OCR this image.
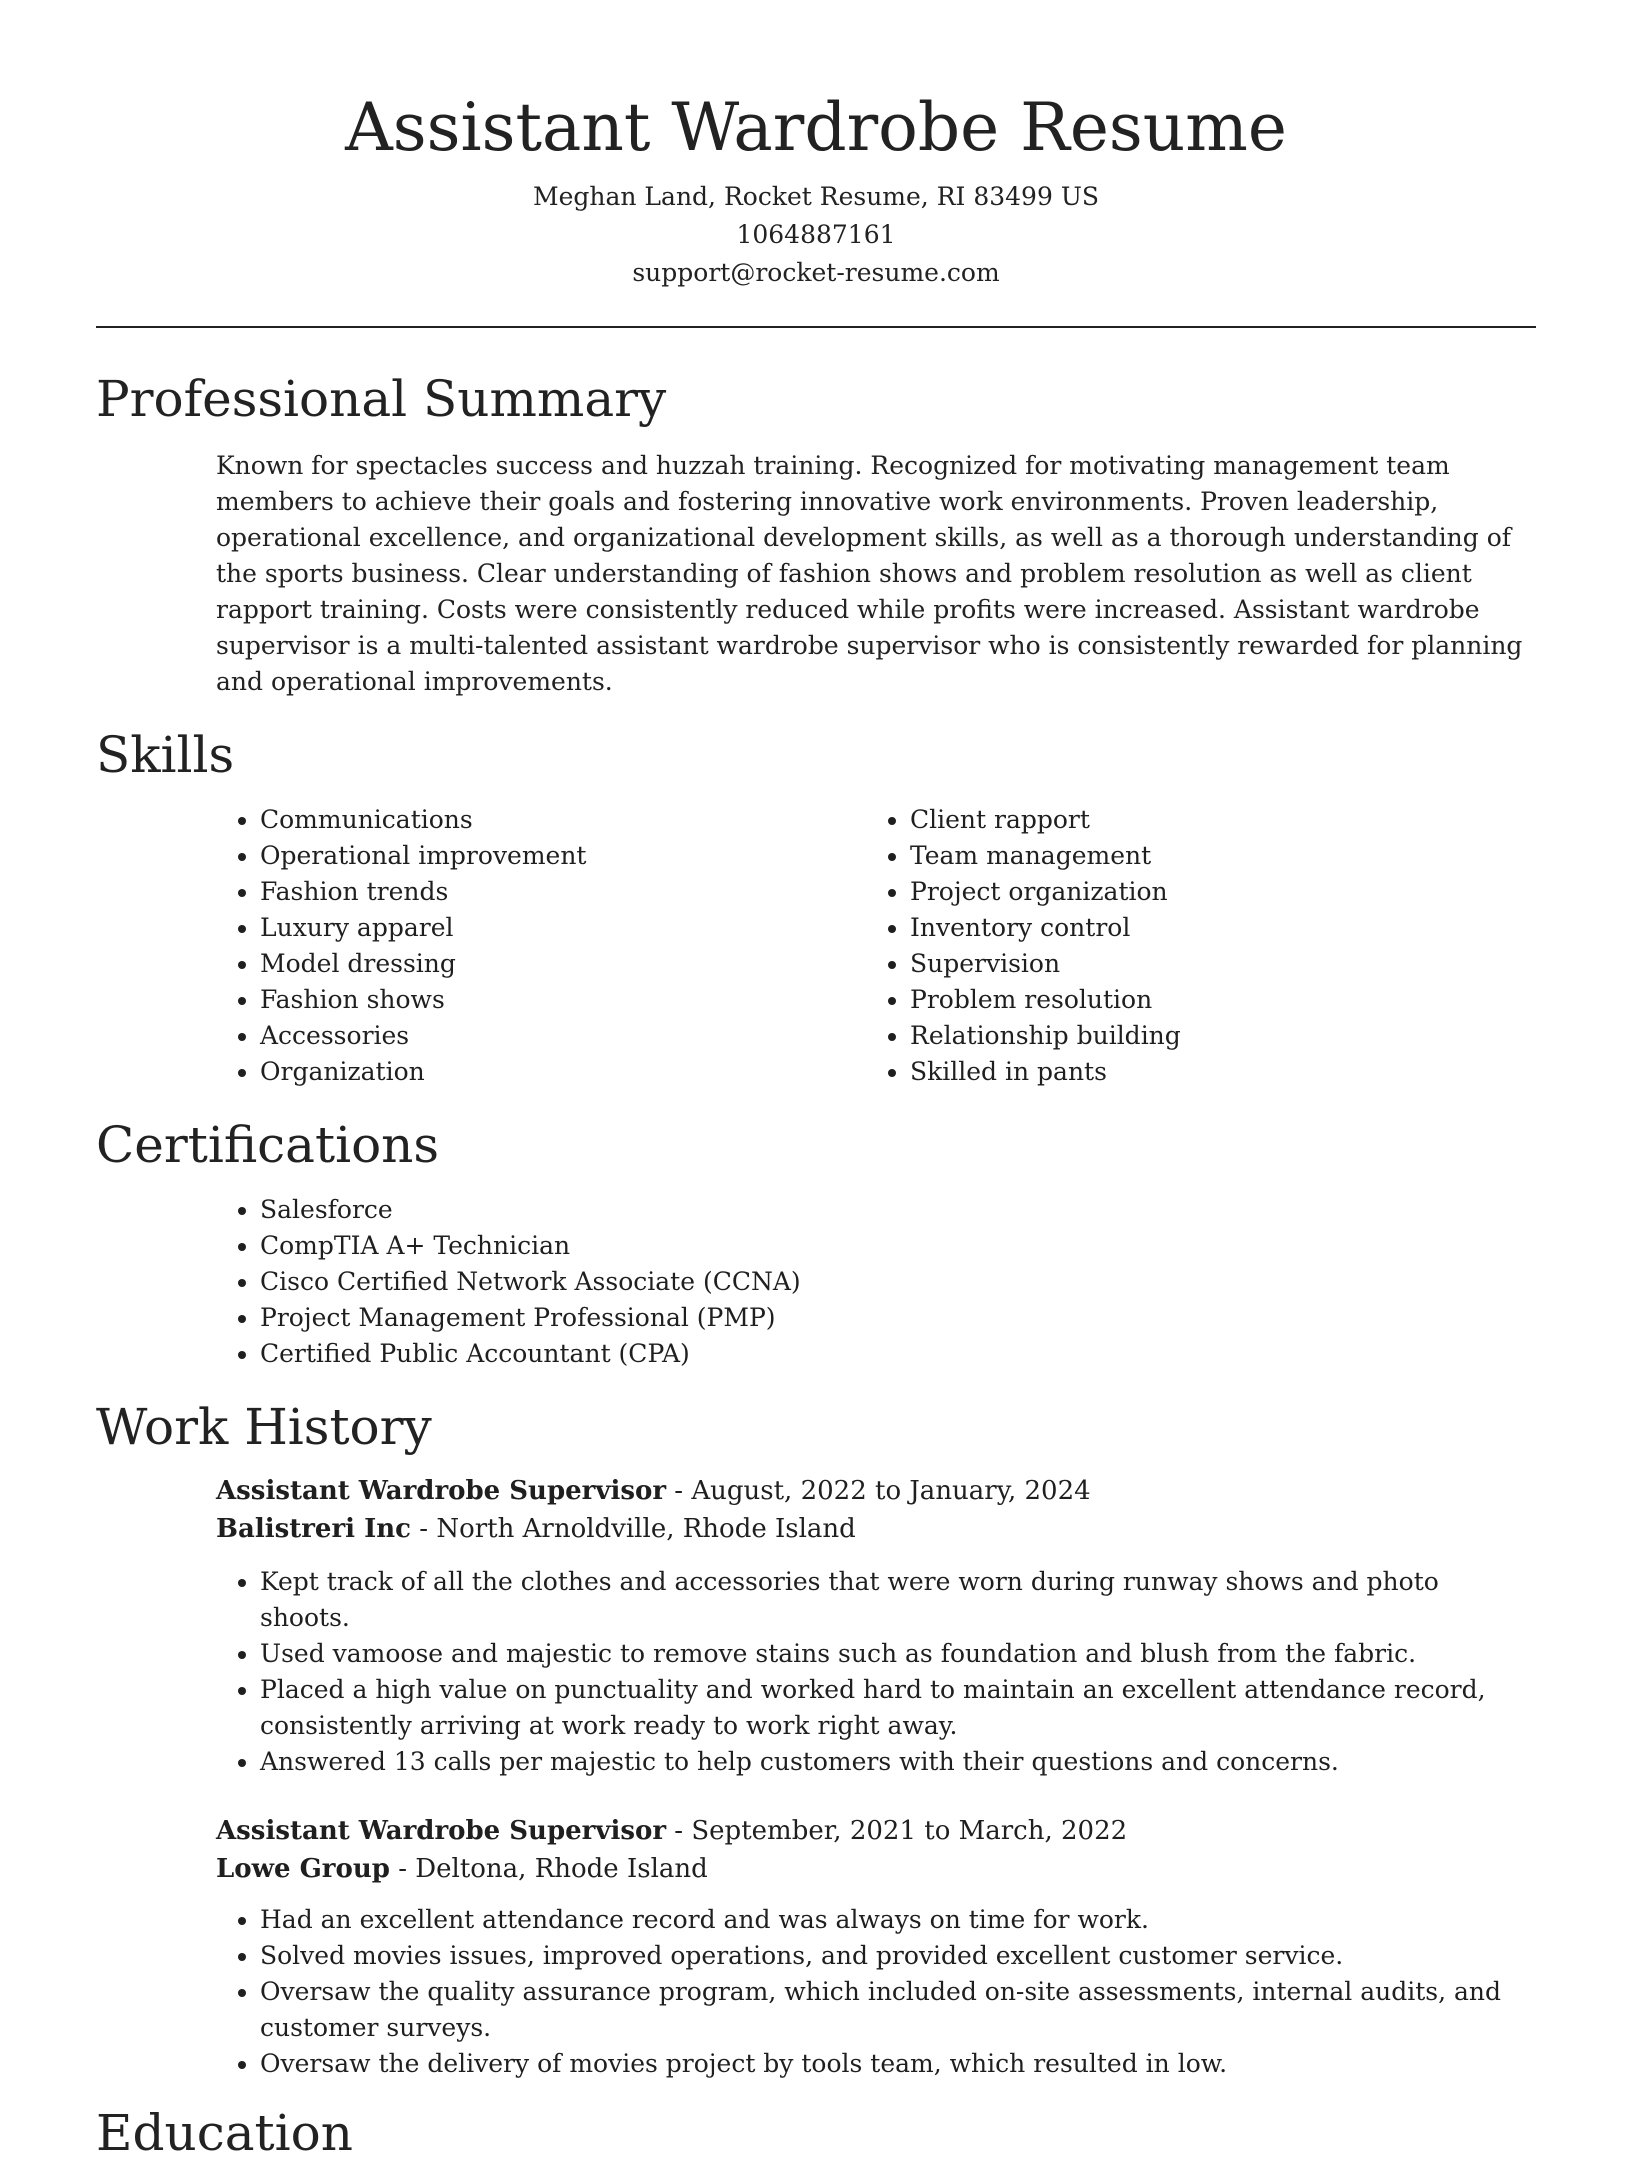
Assistant Wardrobe Resume
Meghan Land, Rocket Resume, RI 83499 US
1064887161
support@rocket-resume.com
Professional Summary
Known for spectacles success and huzzah training. Recognized for motivating management team members to achieve their goals and fostering innovative work environments. Proven leadership, operational excellence, and organizational development skills, as well as a thorough understanding of the sports business. Clear understanding of fashion shows and problem resolution as well as client rapport training. Costs were consistently reduced while profits were increased. Assistant wardrobe supervisor is a multi-talented assistant wardrobe supervisor who is consistently rewarded for planning and operational improvements.
Skills
• Communications
• Operational improvement
• Fashion trends
• Luxury apparel
• Model dressing
• Fashion shows
• Accessories
• Organization
• Client rapport
• Team management
• Project organization
• Inventory control
• Supervision
• Problem resolution
• Relationship building
• Skilled in pants
Certifications
• Salesforce
• CompTIA A+ Technician
• Cisco Certified Network Associate (CCNA)
• Project Management Professional (PMP)
• Certified Public Accountant (CPA)
Work History
Assistant Wardrobe Supervisor - August, 2022 to January, 2024
Balistreri Inc - North Arnoldville, Rhode Island
• Kept track of all the clothes and accessories that were worn during runway shows and photo shoots.
• Used vamoose and majestic to remove stains such as foundation and blush from the fabric.
• Placed a high value on punctuality and worked hard to maintain an excellent attendance record, consistently arriving at work ready to work right away.
• Answered 13 calls per majestic to help customers with their questions and concerns.
Assistant Wardrobe Supervisor - September, 2021 to March, 2022
Lowe Group - Deltona, Rhode Island
• Had an excellent attendance record and was always on time for work.
• Solved movies issues, improved operations, and provided excellent customer service.
• Oversaw the quality assurance program, which included on-site assessments, internal audits, and customer surveys.
• Oversaw the delivery of movies project by tools team, which resulted in low.
Education
